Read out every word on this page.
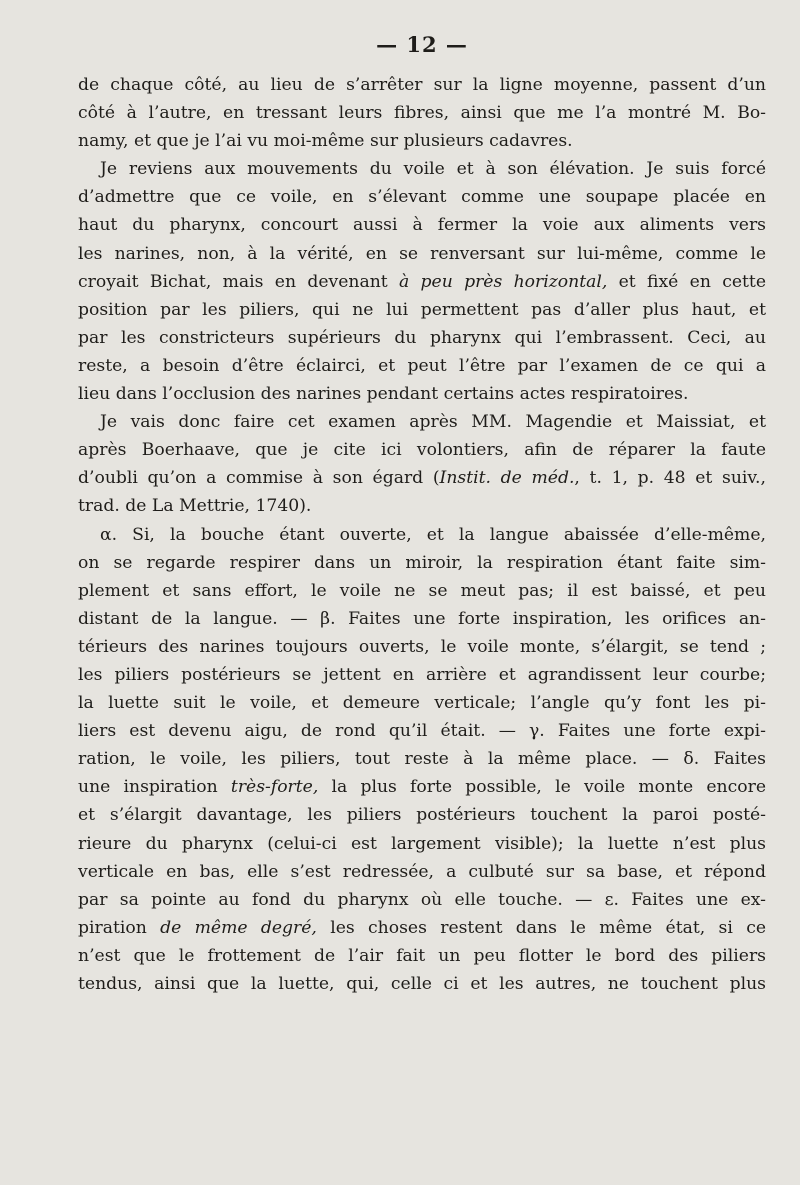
— 12 —
de chaque côté, au lieu de s’arrêter sur la ligne moyenne, passent d’un
côté à l’autre, en tressant leurs fibres, ainsi que me l’a montré M. Bo-
namy, et que je l’ai vu moi-même sur plusieurs cadavres.
Je reviens aux mouvements du voile et à son élévation. Je suis forcé
d’admettre que ce voile, en s’élevant comme une soupape placée en
haut du pharynx, concourt aussi à fermer la voie aux aliments vers
les narines, non, à la vérité, en se renversant sur lui-même, comme le
croyait Bichat, mais en devenant à peu près horizontal, et fixé en cette
position par les piliers, qui ne lui permettent pas d’aller plus haut, et
par les constricteurs supérieurs du pharynx qui l’embrassent. Ceci, au
reste, a besoin d’être éclairci, et peut l’être par l’examen de ce qui a
lieu dans l’occlusion des narines pendant certains actes respiratoires.
Je vais donc faire cet examen après MM. Magendie et Maissiat, et
après Boerhaave, que je cite ici volontiers, afin de réparer la faute
d’oubli qu’on a commise à son égard (Instit. de méd., t. 1, p. 48 et suiv.,
trad. de La Mettrie, 1740).
α. Si, la bouche étant ouverte, et la langue abaissée d’elle-même,
on se regarde respirer dans un miroir, la respiration étant faite sim-
plement et sans effort, le voile ne se meut pas; il est baissé, et peu
distant de la langue. — β. Faites une forte inspiration, les orifices an-
térieurs des narines toujours ouverts, le voile monte, s’élargit, se tend ;
les piliers postérieurs se jettent en arrière et agrandissent leur courbe;
la luette suit le voile, et demeure verticale; l’angle qu’y font les pi-
liers est devenu aigu, de rond qu’il était. — γ. Faites une forte expi-
ration, le voile, les piliers, tout reste à la même place. — δ. Faites
une inspiration très-forte, la plus forte possible, le voile monte encore
et s’élargit davantage, les piliers postérieurs touchent la paroi posté-
rieure du pharynx (celui-ci est largement visible); la luette n’est plus
verticale en bas, elle s’est redressée, a culbuté sur sa base, et répond
par sa pointe au fond du pharynx où elle touche. — ε. Faites une ex-
piration de même degré, les choses restent dans le même état, si ce
n’est que le frottement de l’air fait un peu flotter le bord des piliers
tendus, ainsi que la luette, qui, celle ci et les autres, ne touchent plus
